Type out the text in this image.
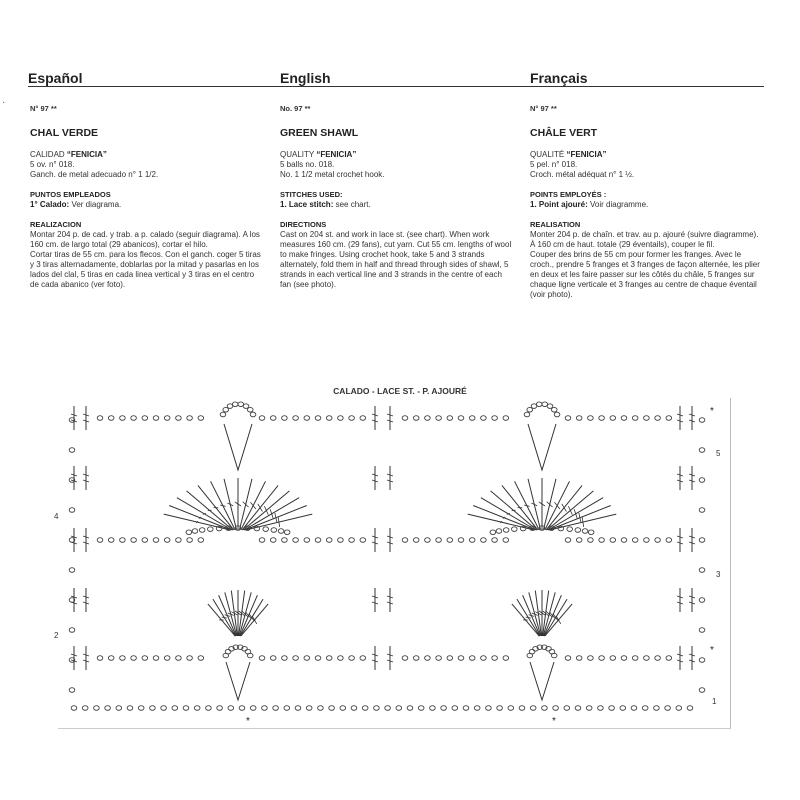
Español	English	Français
N° 97 **
CHAL VERDE
CALIDAD “FENICIA”
5 ov. n° 018.
Ganch. de metal adecuado n° 1 1/2.
PUNTOS EMPLEADOS
1° Calado: Ver diagrama.
REALIZACION
Montar 204 p. de cad. y trab. a p. calado (seguir diagrama). A los 160 cm. de largo total (29 abanicos), cortar el hilo.
Cortar tiras de 55 cm. para los flecos. Con el ganch. coger 5 tiras y 3 tiras alternadamente, doblarlas por la mitad y pasarlas en los lados del clal, 5 tiras en cada linea vertical y 3 tiras en el centro de cada abanico (ver foto).
No. 97 **
GREEN SHAWL
QUALITY “FENICIA”
5 balls no. 018.
No. 1 1/2 metal crochet hook.
STITCHES USED:
1. Lace stitch: see chart.
DIRECTIONS
Cast on 204 st. and work in lace st. (see chart). When work measures 160 cm. (29 fans), cut yarn. Cut 55 cm. lengths of wool to make fringes. Using crochet hook, take 5 and 3 strands alternately, fold them in half and thread through sides of shawl, 5 strands in each vertical line and 3 strands in the centre of each fan (see photo).
N° 97 **
CHÂLE VERT
QUALITÉ “FENICIA”
5 pel. n° 018.
Croch. métal adéquat n° 1 ½.
POINTS EMPLOYÉS :
1. Point ajouré: Voir diagramme.
REALISATION
Monter 204 p. de chaîn. et trav. au p. ajouré (suivre diagramme). À 160 cm de haut. totale (29 éventails), couper le fil.
Couper des brins de 55 cm pour former les franges. Avec le croch., prendre 5 franges et 3 franges de façon alternée, les plier en deux et les faire passer sur les côtés du châle, 5 franges sur chaque ligne verticale et 3 franges au centre de chaque éventail (voir photo).
·
CALADO - LACE ST. - P. AJOURÉ
1
2
3
4
5
*	*
*
*
